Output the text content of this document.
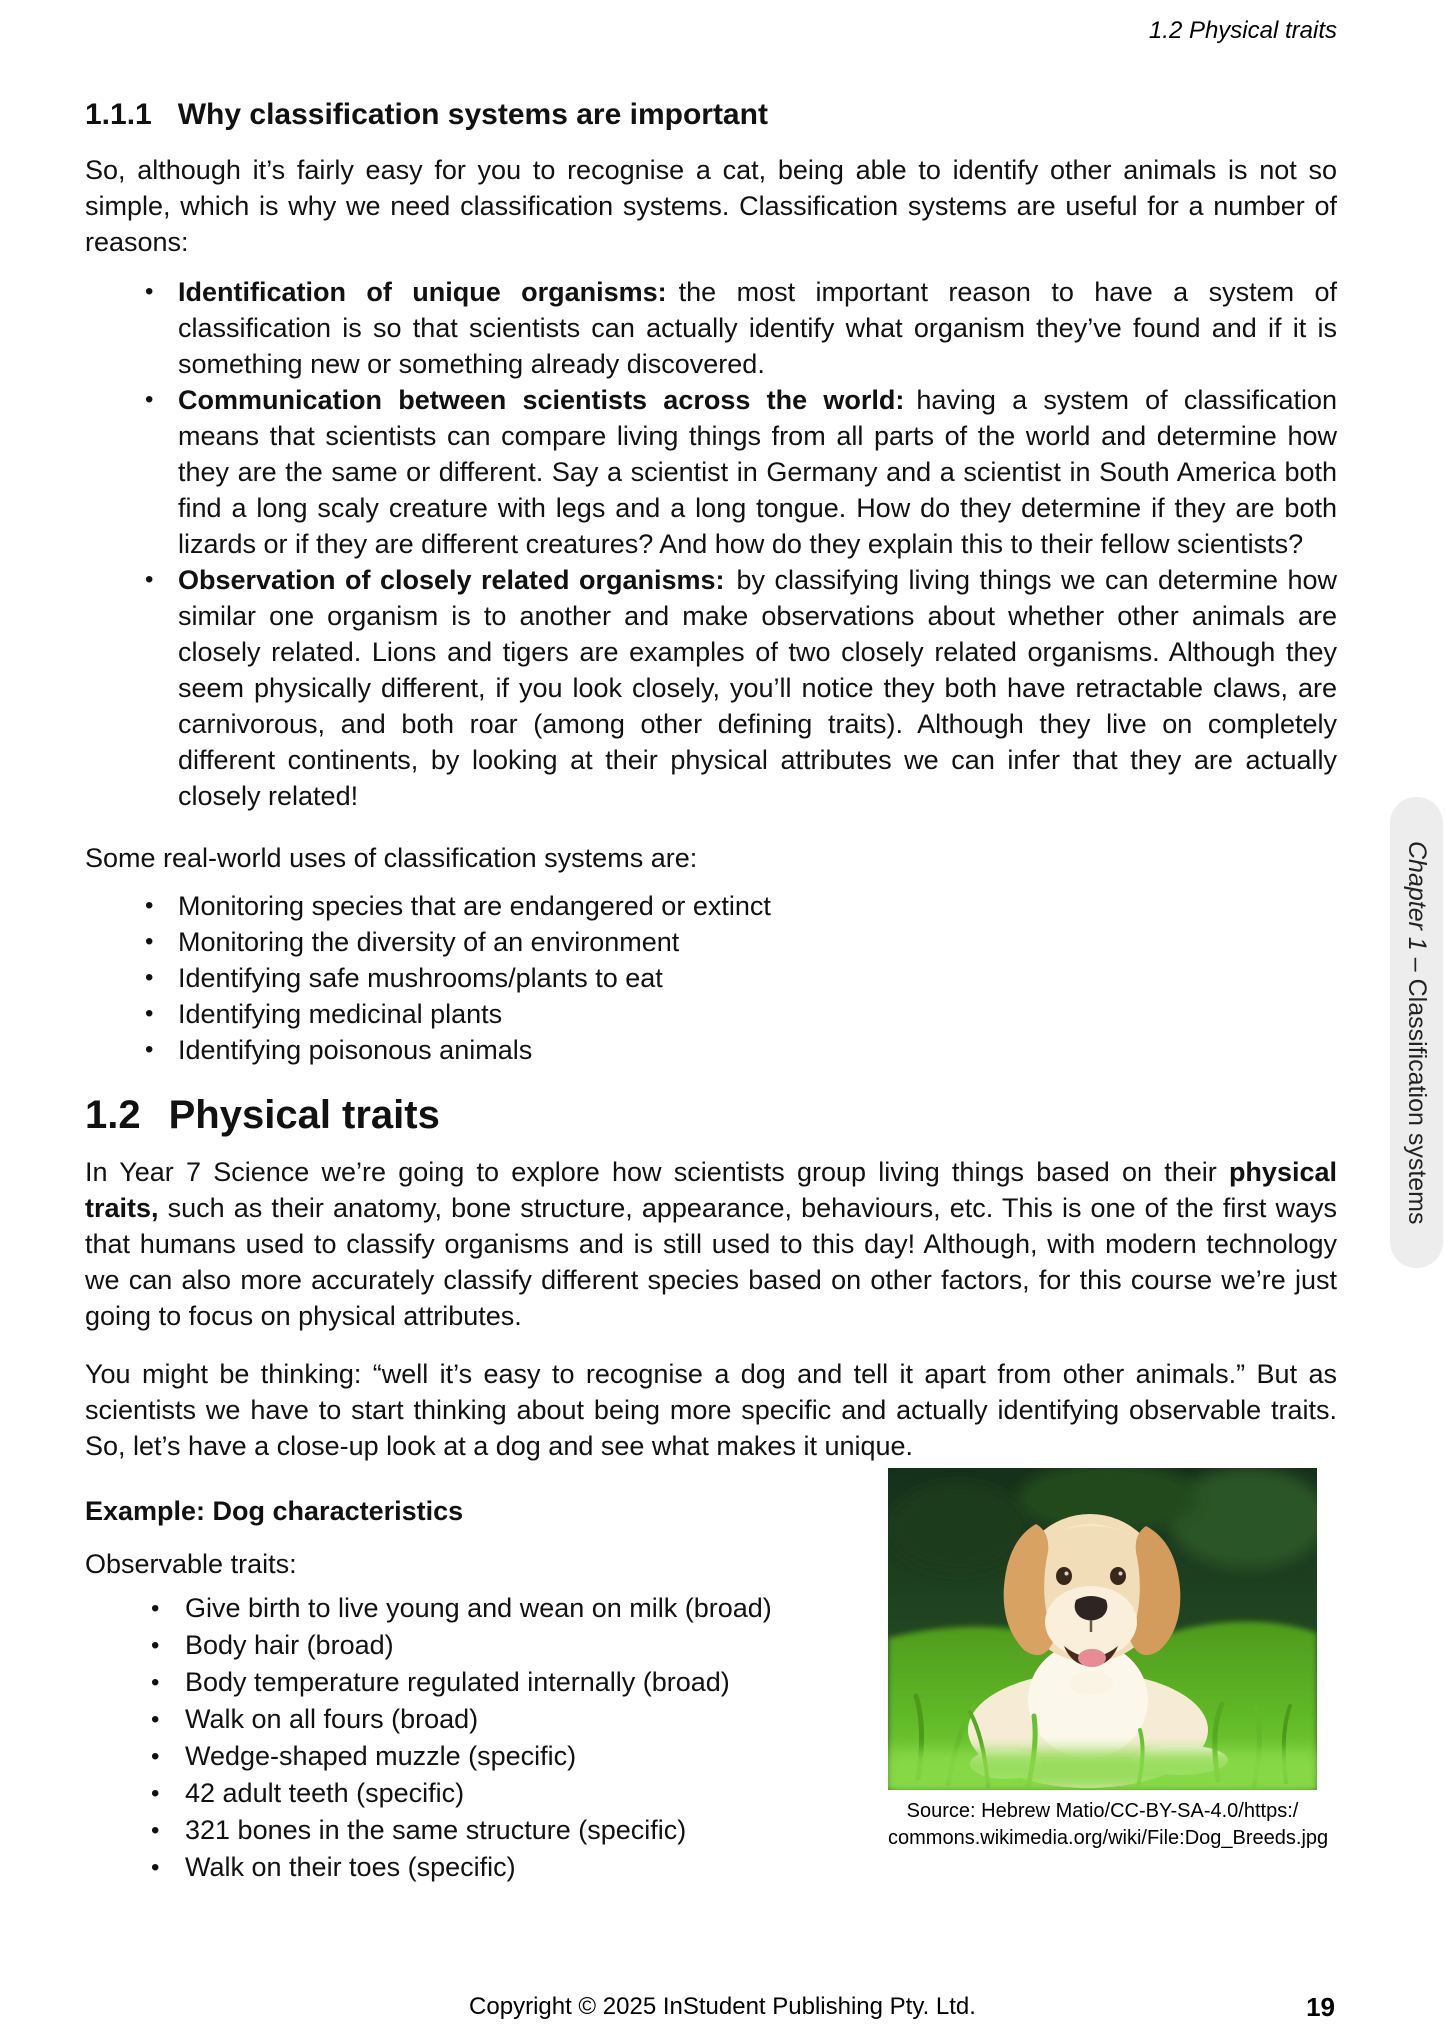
1.2 Physical traits
1.1.1 Why classification systems are important

So, although it’s fairly easy for you to recognise a cat, being able to identify other animals is not so simple, which is why we need classification systems. Classification systems are useful for a number of reasons:

• Identification of unique organisms: the most important reason to have a system of classification is so that scientists can actually identify what organism they’ve found and if it is something new or something already discovered.
• Communication between scientists across the world: having a system of classification means that scientists can compare living things from all parts of the world and determine how they are the same or different. Say a scientist in Germany and a scientist in South America both find a long scaly creature with legs and a long tongue. How do they determine if they are both lizards or if they are different creatures? And how do they explain this to their fellow scientists?
• Observation of closely related organisms: by classifying living things we can determine how similar one organism is to another and make observations about whether other animals are closely related. Lions and tigers are examples of two closely related organisms. Although they seem physically different, if you look closely, you’ll notice they both have retractable claws, are carnivorous, and both roar (among other defining traits). Although they live on completely different continents, by looking at their physical attributes we can infer that they are actually closely related!

Some real-world uses of classification systems are:

• Monitoring species that are endangered or extinct
• Monitoring the diversity of an environment
• Identifying safe mushrooms/plants to eat
• Identifying medicinal plants
• Identifying poisonous animals
1.2 Physical traits

In Year 7 Science we’re going to explore how scientists group living things based on their physical traits, such as their anatomy, bone structure, appearance, behaviours, etc. This is one of the first ways that humans used to classify organisms and is still used to this day! Although, with modern technology we can also more accurately classify different species based on other factors, for this course we’re just going to focus on physical attributes.

You might be thinking: “well it’s easy to recognise a dog and tell it apart from other animals.” But as scientists we have to start thinking about being more specific and actually identifying observable traits. So, let’s have a close-up look at a dog and see what makes it unique.

Example: Dog characteristics

Observable traits:

• Give birth to live young and wean on milk (broad)
• Body hair (broad)
• Body temperature regulated internally (broad)
• Walk on all fours (broad)
• Wedge-shaped muzzle (specific)
• 42 adult teeth (specific)
• 321 bones in the same structure (specific)
• Walk on their toes (specific)
Source: Hebrew Matio/CC-BY-SA-4.0/https:/
commons.wikimedia.org/wiki/File:Dog_Breeds.jpg
Chapter 1 – Classification systems
Copyright © 2025 InStudent Publishing Pty. Ltd.	19
